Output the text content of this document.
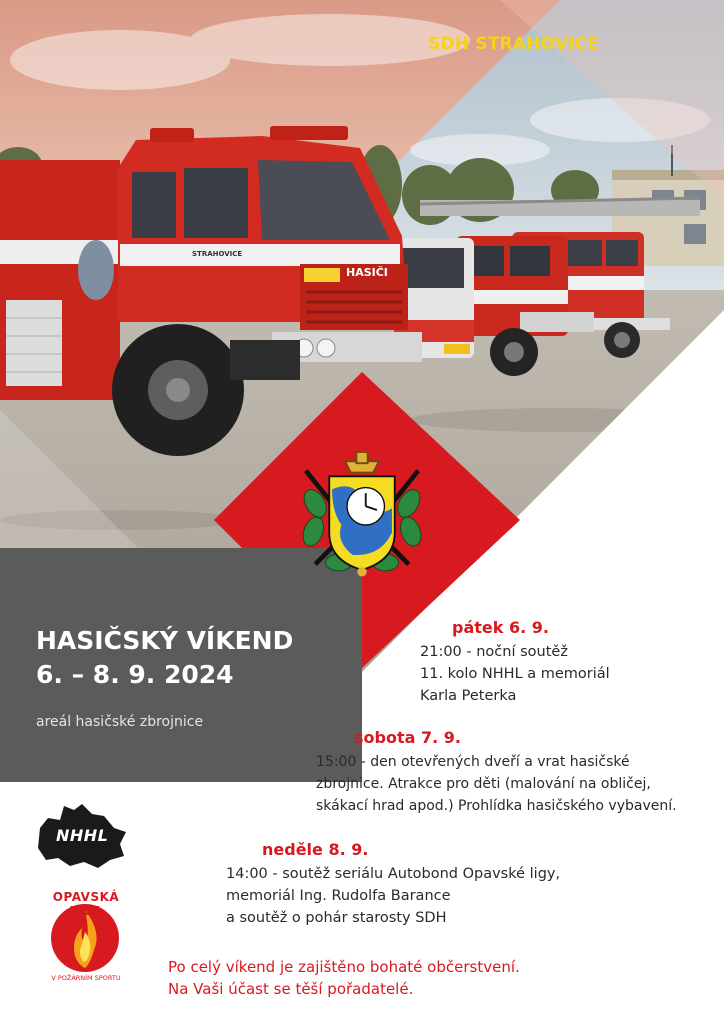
STRAHOVICE
HASIČI
SDH STRAHOVICE
HASIČSKÝ VÍKEND
6. – 8. 9. 2024
areál hasičské zbrojnice
pátek 6. 9.
21:00 - noční soutěž
11. kolo NHHL a memoriál
Karla Peterka
sobota 7. 9.
15:00 - den otevřených dveří a vrat hasičské
zbrojnice. Atrakce pro děti (malování na obličej,
skákací hrad apod.) Prohlídka hasičského vybavení.
neděle 8. 9.
14:00 - soutěž seriálu Autobond Opavské ligy,
memoriál Ing. Rudolfa Barance
a soutěž o pohár starosty SDH
NHHL
OPAVSKÁ LIGA
V POŽÁRNÍM SPORTU
Po celý víkend je zajištěno bohaté občerstvení.
Na Vaši účast se těší pořadatelé.
